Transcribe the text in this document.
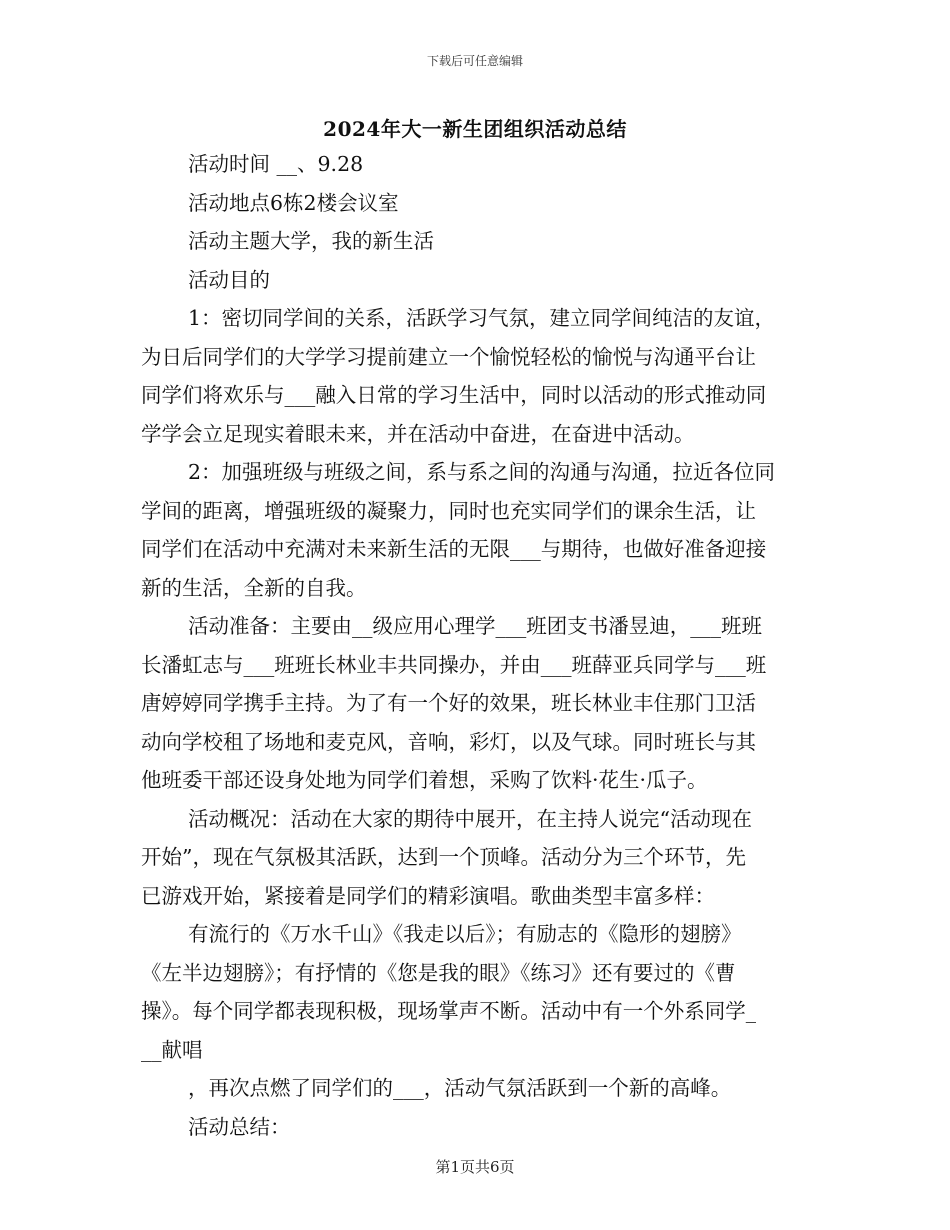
下载后可任意编辑
2024年大一新生团组织活动总结
活动时间 __、9.28
活动地点6栋2楼会议室
活动主题大学，我的新生活
活动目的
1：密切同学间的关系，活跃学习气氛，建立同学间纯洁的友谊，
为日后同学们的大学学习提前建立一个愉悦轻松的愉悦与沟通平台让
同学们将欢乐与___融入日常的学习生活中，同时以活动的形式推动同
学学会立足现实着眼未来，并在活动中奋进，在奋进中活动。
2：加强班级与班级之间，系与系之间的沟通与沟通，拉近各位同
学间的距离，增强班级的凝聚力，同时也充实同学们的课余生活，让
同学们在活动中充满对未来新生活的无限___与期待，也做好准备迎接
新的生活，全新的自我。
活动准备：主要由__级应用心理学___班团支书潘昱迪，___班班
长潘虹志与___班班长林业丰共同操办，并由___班薛亚兵同学与___班
唐婷婷同学携手主持。为了有一个好的效果，班长林业丰住那门卫活
动向学校租了场地和麦克风，音响，彩灯，以及气球。同时班长与其
他班委干部还设身处地为同学们着想，采购了饮料·花生·瓜子。
活动概况：活动在大家的期待中展开，在主持人说完“活动现在
开始”，现在气氛极其活跃，达到一个顶峰。活动分为三个环节，先
已游戏开始，紧接着是同学们的精彩演唱。歌曲类型丰富多样：
有流行的《万水千山》《我走以后》；有励志的《隐形的翅膀》
《左半边翅膀》；有抒情的《您是我的眼》《练习》还有要过的《曹
操》。每个同学都表现积极，现场掌声不断。活动中有一个外系同学_
__献唱
，再次点燃了同学们的___，活动气氛活跃到一个新的高峰。
活动总结：
第1页共6页
